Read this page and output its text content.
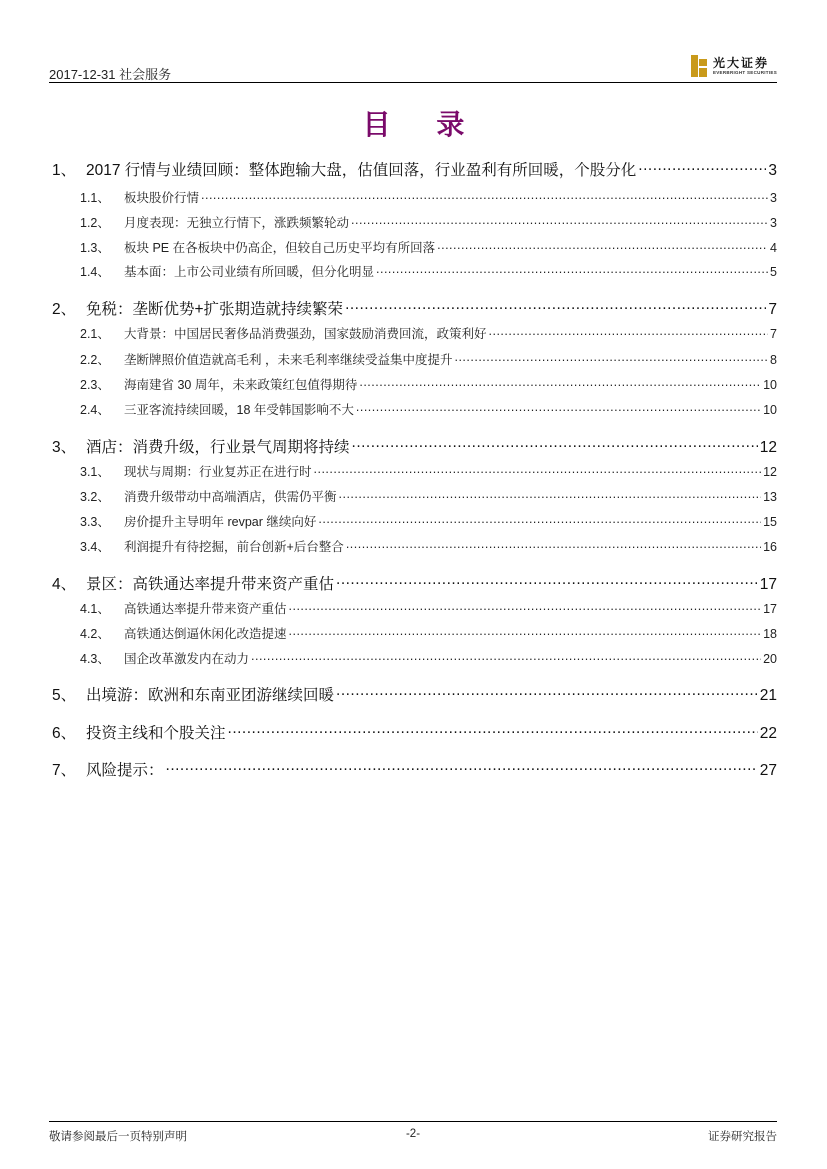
2017-12-31 社会服务
光大证券
EVERBRIGHT SECURITIES
目 录
1、 2017 行情与业绩回顾：整体跑输大盘，估值回落，行业盈利有所回暖，个股分化 .....	3
1.1、	板块股价行情 .....	3
1.2、	月度表现：无独立行情下，涨跌频繁轮动 .....	3
1.3、	板块 PE 在各板块中仍高企，但较自己历史平均有所回落 .....	4
1.4、	基本面：上市公司业绩有所回暖，但分化明显 .....	5
2、 免税：垄断优势+扩张期造就持续繁荣 .....	7
2.1、	大背景：中国居民奢侈品消费强劲，国家鼓励消费回流，政策利好 .....	7
2.2、	垄断牌照价值造就高毛利 ，未来毛利率继续受益集中度提升 .....	8
2.3、	海南建省 30 周年，未来政策红包值得期待 .....	10
2.4、	三亚客流持续回暖，18 年受韩国影响不大 .....	10
3、 酒店：消费升级，行业景气周期将持续 .....	12
3.1、	现状与周期：行业复苏正在进行时 .....	12
3.2、	消费升级带动中高端酒店，供需仍平衡 .....	13
3.3、	房价提升主导明年 revpar 继续向好 .....	15
3.4、	利润提升有待挖掘，前台创新+后台整合 .....	16
4、 景区：高铁通达率提升带来资产重估 .....	17
4.1、	高铁通达率提升带来资产重估 .....	17
4.2、	高铁通达倒逼休闲化改造提速 .....	18
4.3、	国企改革激发内在动力 .....	20
5、 出境游：欧洲和东南亚团游继续回暖 .....	21
6、 投资主线和个股关注 .....	22
7、 风险提示： .....	27
敬请参阅最后一页特别声明	-2-	证券研究报告
